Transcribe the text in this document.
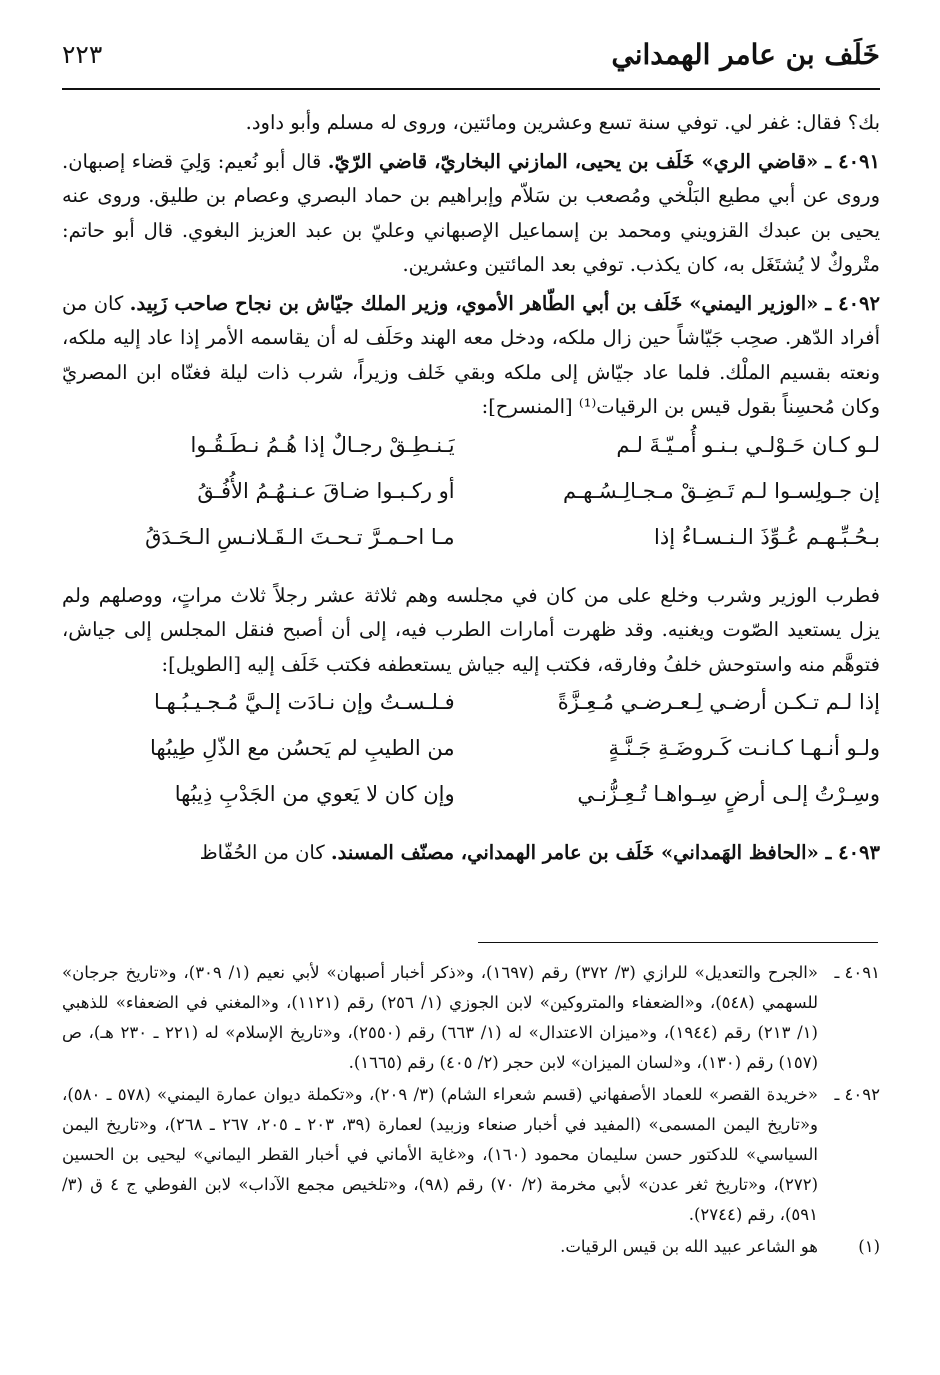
خَلَف بن عامر الهمداني
٢٢٣

بك؟ فقال: غفر لي. توفي سنة تسع وعشرين ومائتين، وروى له مسلم وأبو داود.

٤٠٩١ ـ «قاضي الري» خَلَف بن يحيى، المازني البخاريّ، قاضي الرّيّ. قال أبو نُعيم: وَلِيَ قضاء إصبهان. وروى عن أبي مطيع البَلْخي ومُصعب بن سَلاّم وإبراهيم بن حماد البصري وعصام بن طليق. وروى عنه يحيى بن عبدك القزويني ومحمد بن إسماعيل الإصبهاني وعليّ بن عبد العزيز البغوي. قال أبو حاتم: متْروكٌ لا يُشتَغَل به، كان يكذب. توفي بعد المائتين وعشرين.

٤٠٩٢ ـ «الوزير اليمني» خَلَف بن أبي الطّاهر الأموي، وزير الملك جيّاش بن نجاح صاحب زَبِيد. كان من أفراد الدّهر. صحِب جَيّاشاً حين زال ملكه، ودخل معه الهند وحَلَف له أن يقاسمه الأمر إذا عاد إليه ملكه، ونعته بقسيم الملْك. فلما عاد جيّاش إلى ملكه وبقي خَلف وزيراً، شرب ذات ليلة فغنّاه ابن المصريّ وكان مُحسِناً بقول قيس بن الرقيات⁽¹⁾ [المنسرح]:

لـو كـان حَـوْلـي بـنـو أُمـيّـةَ لـم
يَـنـطِـقْ رجـالٌ إذا هُـمُ نـطَـقُـوا
إن جـولِسـوا لـم تَـضِـقْ مـجـالِـسُـهـم
أو ركـبـوا ضـاقَ عـنـهُـمُ الأُفُـقُ
بـحُـبِّـهـم عُـوِّذَ الـنـسـاءُ إذا
مـا احـمـرَّ تـحـتَ الـقَـلانـسِ الـحَـدَقُ

فطرب الوزير وشرب وخلع على من كان في مجلسه وهم ثلاثة عشر رجلاً ثلاث مراتٍ، ووصلهم ولم يزل يستعيد الصّوت ويغنيه. وقد ظهرت أمارات الطرب فيه، إلى أن أصبح فنقل المجلس إلى جياش، فتوهَّم منه واستوحش خلفُ وفارقه، فكتب إليه جياش يستعطفه فكتب خَلَف إليه [الطويل]:

إذا لـم تـكـن أرضـي لِـعـرضـي مُـعِـزَّةً
فـلـسـتُ وإن نـادَت إلـيَّ مُـجـيـبُـهـا
ولـو أنـهـا كـانـت كَـروضَـةِ جَـنَّـةٍ
من الطيبِ لم يَحسُن مع الذّلِ طِيبُها
وسِـرْتُ إلـى أرضٍ سِـواهـا تُـعِـزُّنـي
وإن كان لا يَعوي من الجَدْبِ ذِيبُها

٤٠٩٣ ـ «الحافظ الهَمداني» خَلَف بن عامر الهمداني، مصنّف المسند. كان من الحُفّاظ

٤٠٩١ ـ
«الجرح والتعديل» للرازي (٣/ ٣٧٢) رقم (١٦٩٧)، و«ذكر أخبار أصبهان» لأبي نعيم (١/ ٣٠٩)، و«تاريخ جرجان» للسهمي (٥٤٨)، و«الضعفاء والمتروكين» لابن الجوزي (١/ ٢٥٦) رقم (١١٢١)، و«المغني في الضعفاء» للذهبي (١/ ٢١٣) رقم (١٩٤٤)، و«ميزان الاعتدال» له (١/ ٦٦٣) رقم (٢٥٥٠)، و«تاريخ الإسلام» له (٢٢١ ـ ٢٣٠ هـ)، ص (١٥٧) رقم (١٣٠)، و«لسان الميزان» لابن حجر (٢/ ٤٠٥) رقم (١٦٦٥).
٤٠٩٢ ـ
«خريدة القصر» للعماد الأصفهاني (قسم شعراء الشام) (٣/ ٢٠٩)، و«تكملة ديوان عمارة اليمني» (٥٧٨ ـ ٥٨٠)، و«تاريخ اليمن المسمى» (المفيد في أخبار صنعاء وزبيد) لعمارة (٣٩، ٢٠٣ ـ ٢٠٥، ٢٦٧ ـ ٢٦٨)، و«تاريخ اليمن السياسي» للدكتور حسن سليمان محمود (١٦٠)، و«غاية الأماني في أخبار القطر اليماني» ليحيى بن الحسين (٢٧٢)، و«تاريخ ثغر عدن» لأبي مخرمة (٢/ ٧٠) رقم (٩٨)، و«تلخيص مجمع الآداب» لابن الفوطي ج ٤ ق (٣/ ٥٩١)، رقم (٢٧٤٤).
(١)
هو الشاعر عبيد الله بن قيس الرقيات.
